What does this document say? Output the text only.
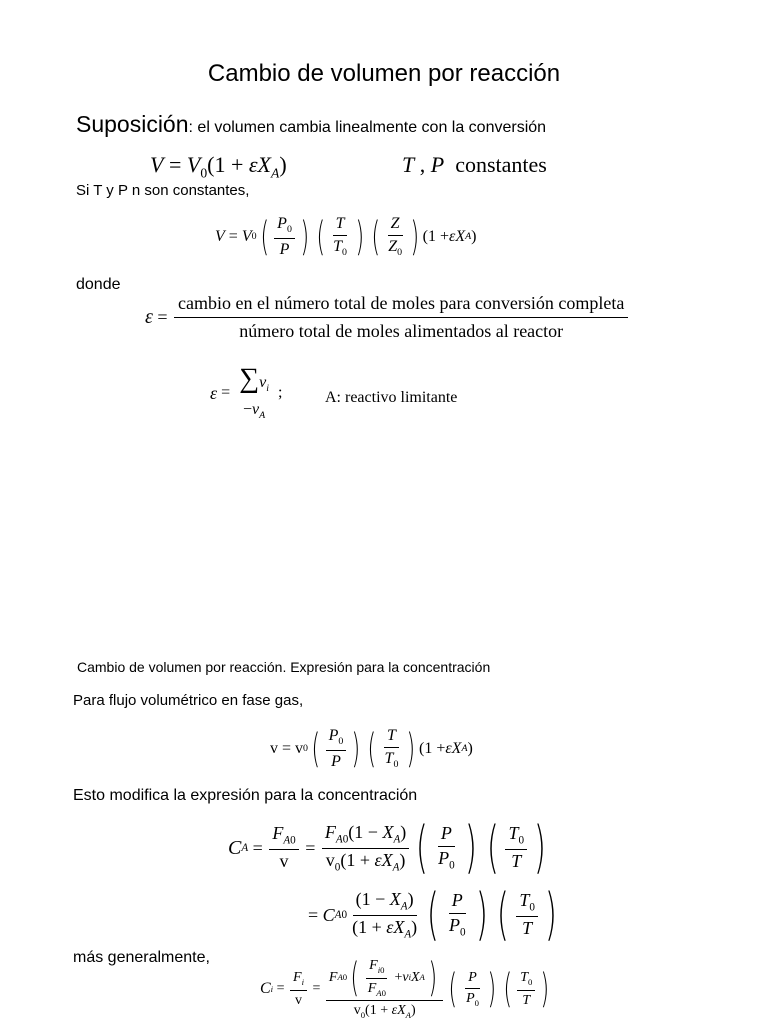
Cambio de volumen por reacción
Suposición: el volumen cambia linealmente con la conversión
$V = V_0(1 + \varepsilon X_A)$	T , P constantes
Si T y P n son constantes,
V = V 0 ( $\frac{P_0}{P}$ ) ( $\frac{T}{T_0}$ ) ( $\frac{Z}{Z_0}$ ) (1 + εX A )
donde
$\varepsilon = \frac{\text{cambio en el número total de moles para conversión completa}}{\text{número total de moles alimentados al reactor}}$
$\varepsilon = \sum\nu_i$
$-\nu_A$
;	A: reactivo limitante
Cambio de volumen por reacción. Expresión para la concentración
Para flujo volumétrico en fase gas,
v = v 0 ( $\frac{P_0}{P}$ ) ( $\frac{T}{T_0}$ ) (1 + εX A )
Esto modifica la expresión para la concentración
C $A = \frac{F_{A0}}{v} = \frac{F_{A0}(1 - X_A)}{v_0(1 + \varepsilon X_A)}$ ( $\frac{P}{P_0}$ ) ( $\frac{T_0}{T}$ )
= C $A0 \frac{(1 - X_A)}{(1 + \varepsilon X_A)}$ ( $\frac{P}{P_0}$ ) ( $\frac{T_0}{T}$ )
más generalmente,
C $i = \frac{F_i}{v} = \frac{F A0 ( \frac{F_{i0}}{F_{A0}} + \nu i X A )}{v_0(1 + \varepsilon X_A)}$ ( $\frac{P}{P_0}$ ) ( $\frac{T_0}{T}$ )
